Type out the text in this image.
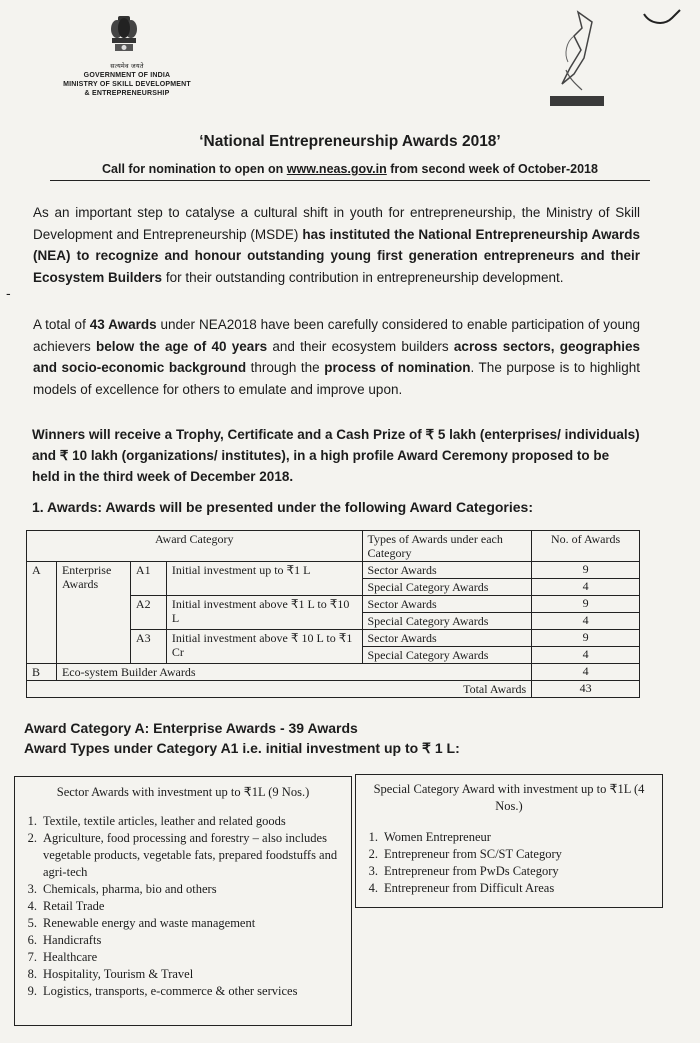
सत्यमेव जयते
GOVERNMENT OF INDIA
MINISTRY OF SKILL DEVELOPMENT
& ENTREPRENEURSHIP
‘National Entrepreneurship Awards 2018’
Call for nomination to open on www.neas.gov.in from second week of October-2018

As an important step to catalyse a cultural shift in youth for entrepreneurship, the Ministry of Skill Development and Entrepreneurship (MSDE) has instituted the National Entrepreneurship Awards (NEA) to recognize and honour outstanding young first generation entrepreneurs and their Ecosystem Builders for their outstanding contribution in entrepreneurship development.

-

A total of 43 Awards under NEA2018 have been carefully considered to enable participation of young achievers below the age of 40 years and their ecosystem builders across sectors, geographies and socio-economic background through the process of nomination. The purpose is to highlight models of excellence for others to emulate and improve upon.

Winners will receive a Trophy, Certificate and a Cash Prize of ₹ 5 lakh (enterprises/ individuals) and ₹ 10 lakh (organizations/ institutes), in a high profile Award Ceremony proposed to be held in the third week of December 2018.
1. Awards: Awards will be presented under the following Award Categories:
Award Category				Types of Awards under each Category	No. of Awards
A	Enterprise Awards	A1	Initial investment up to ₹1 L	Sector Awards	9
				Special Category Awards	4
		A2	Initial investment above ₹1 L to ₹10 L	Sector Awards	9
				Special Category Awards	4
		A3	Initial investment above ₹ 10 L to ₹1 Cr	Sector Awards	9
				Special Category Awards	4
B	Eco-system Builder Awards				4
Total Awards					43
Award Category A: Enterprise Awards - 39 Awards
Award Types under Category A1 i.e. initial investment up to ₹ 1 L:
Sector Awards with investment up to ₹1L (9 Nos.)
1. Textile, textile articles, leather and related goods
2. Agriculture, food processing and forestry – also includes vegetable products, vegetable fats, prepared foodstuffs and agri-tech
3. Chemicals, pharma, bio and others
4. Retail Trade
5. Renewable energy and waste management
6. Handicrafts
7. Healthcare
8. Hospitality, Tourism & Travel
9. Logistics, transports, e-commerce & other services
Special Category Award with investment up to ₹1L (4 Nos.)
1. Women Entrepreneur
2. Entrepreneur from SC/ST Category
3. Entrepreneur from PwDs Category
4. Entrepreneur from Difficult Areas
